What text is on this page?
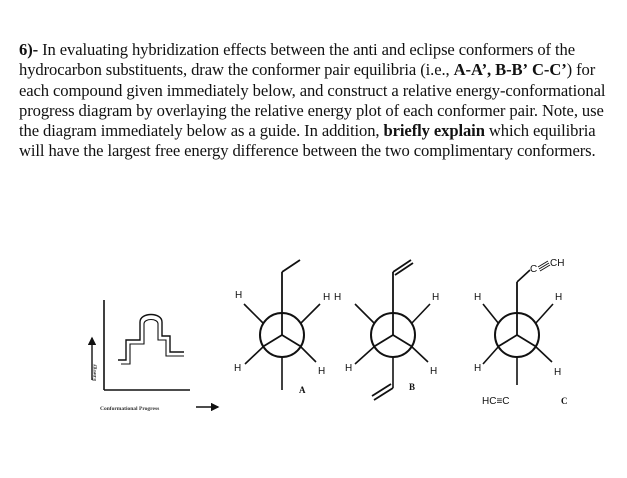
6)- In evaluating hybridization effects between the anti and eclipse conformers of the hydrocarbon substituents, draw the conformer pair equilibria (i.e., A-A’, B-B’ C-C’) for each compound given immediately below, and construct a relative energy-conformational progress diagram by overlaying the relative energy plot of each conformer pair. Note, use the diagram immediately below as a guide. In addition, briefly explain which equilibria will have the largest free energy difference between the two complimentary conformers.
Energy
Conformational Progress
H	H
H	H
A
H	H
H	H
B
C
CH
H	H
H	H
HC≡C	C
